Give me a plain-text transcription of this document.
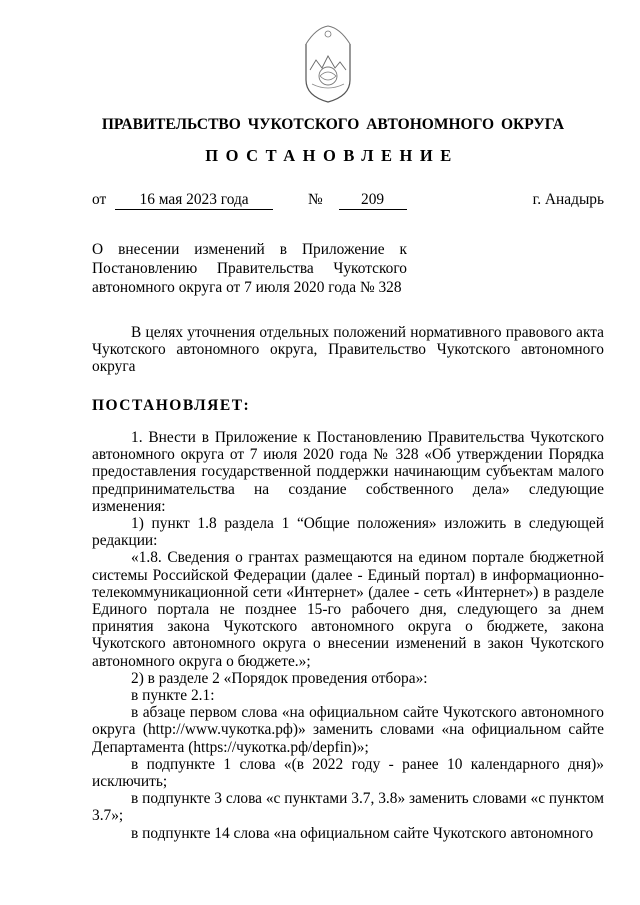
ПРАВИТЕЛЬСТВО ЧУКОТСКОГО АВТОНОМНОГО ОКРУГА
ПОСТАНОВЛЕНИЕ
от 16 мая 2023 года	№ 209	г. Анадырь
О внесении изменений в Приложение к Постановлению Правительства Чукотского автономного округа от 7 июля 2020 года № 328

В целях уточнения отдельных положений нормативного правового акта Чукотского автономного округа, Правительство Чукотского автономного округа

ПОСТАНОВЛЯЕТ:

1. Внести в Приложение к Постановлению Правительства Чукотского автономного округа от 7 июля 2020 года № 328 «Об утверждении Порядка предоставления государственной поддержки начинающим субъектам малого предпринимательства на создание собственного дела» следующие изменения:

1) пункт 1.8 раздела 1 “Общие положения» изложить в следующей редакции:

«1.8. Сведения о грантах размещаются на едином портале бюджетной системы Российской Федерации (далее - Единый портал) в информационно-телекоммуникационной сети «Интернет» (далее - сеть «Интернет») в разделе Единого портала не позднее 15-го рабочего дня, следующего за днем принятия закона Чукотского автономного округа о бюджете, закона Чукотского автономного округа о внесении изменений в закон Чукотского автономного округа о бюджете.»;

2) в разделе 2 «Порядок проведения отбора»:

в пункте 2.1:

в абзаце первом слова «на официальном сайте Чукотского автономного округа (http://www.чукотка.рф)» заменить словами «на официальном сайте Департамента (https://чукотка.рф/depfin)»;

в подпункте 1 слова «(в 2022 году - ранее 10 календарного дня)» исключить;

в подпункте 3 слова «с пунктами 3.7, 3.8» заменить словами «с пунктом 3.7»;

в подпункте 14 слова «на официальном сайте Чукотского автономного
